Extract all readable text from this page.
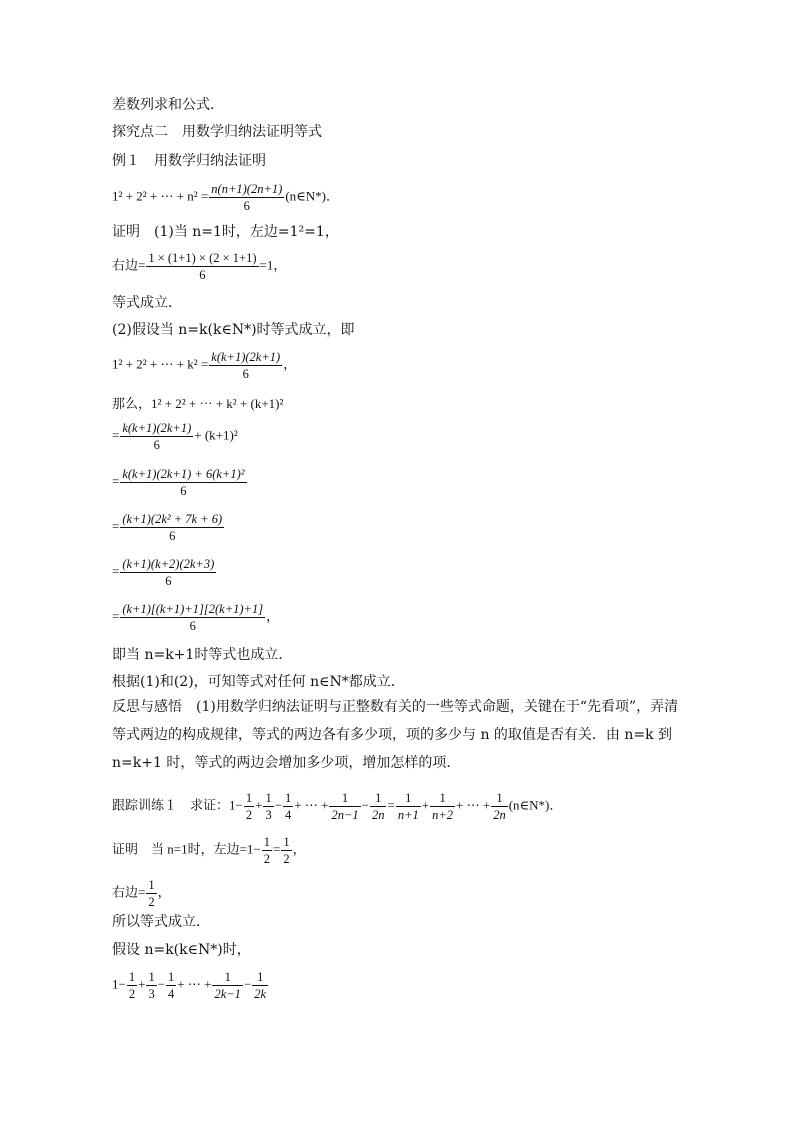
差数列求和公式．
探究点二　用数学归纳法证明等式
例１　用数学归纳法证明
1² + 2² + ⋯ + $n^2 = \frac{n(n+1)(2n+1)}{6}$ (n∈N*)．
证明　(1)当 n=1时，左边=1²=1，
右边= $\frac{1 \times (1+1) \times (2 \times 1+1)}{6} =1$，
等式成立．
(2)假设当 n=k(k∈N*)时等式成立，即
1² + 2² + ⋯ + $k^2 = \frac{k(k+1)(2k+1)}{6}$ ，
那么，1² + 2² + ⋯ + k² + (k+1)²
= $\frac{k(k+1)(2k+1)}{6} + (k+1)^2$
= $\frac{\text{k(k+1)(2k+1) + 6(k+1)²}}{6}$
= $\frac{\text{(k+1)(2k² + 7k + 6)}}{6}$
= $\frac{(k+1)(k+2)(2k+3)}{6}$
= $\frac{(k+1)[(k+1)+1][2(k+1)+1]}{6}$ ，
即当 n=k+1时等式也成立．
根据(1)和(2)，可知等式对任何 n∈N*都成立．
反思与感悟　(1)用数学归纳法证明与正整数有关的一些等式命题，关键在于“先看项”，弄清等式两边的构成规律，等式的两边各有多少项，项的多少与 n 的取值是否有关．由 n=k 到 n=k+1 时，等式的两边会增加多少项，增加怎样的项．
跟踪训练１　求证：$1- \frac{1}{2} + \frac{1}{3} - \frac{1}{4}$ + ⋯ + $\frac{1}{2n-1} - \frac{1}{2n} = \frac{1}{n+1} + \frac{1}{n+2}$ + ⋯ + $\frac{1}{2n}$ (n∈N*)．
证明　当 n=1时，左边$=1- \frac{1}{2} = \frac{1}{2}$ ，
右边= $\frac{1}{2}$ ，
所以等式成立．
假设 n=k(k∈N*)时，
$1- \frac{1}{2} + \frac{1}{3} - \frac{1}{4}$ + ⋯ + $\frac{1}{2k-1} - \frac{1}{2k}$
